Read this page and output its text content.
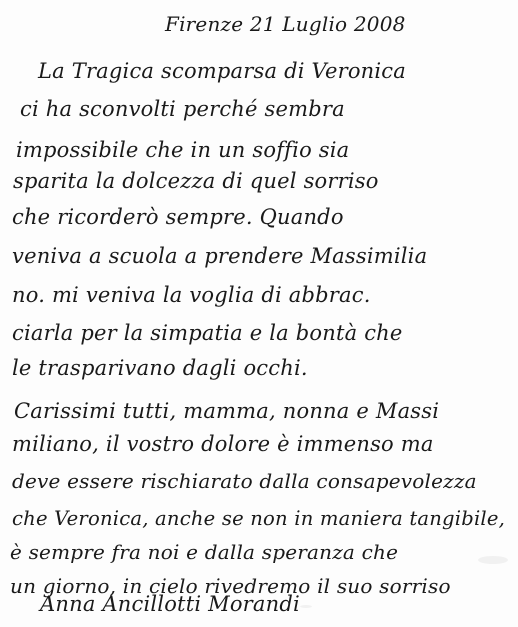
Firenze 21 Luglio 2008
La Tragica scomparsa di Veronica
ci ha sconvolti perché sembra
impossibile che in un soffio sia
sparita la dolcezza di quel sorriso
che ricorderò sempre. Quando
veniva a scuola a prendere Massimilia
no. mi veniva la voglia di abbrac.
ciarla per la simpatia e la bontà che
le trasparivano dagli occhi.
Carissimi tutti, mamma, nonna e Massi
miliano, il vostro dolore è immenso ma
deve essere rischiarato dalla consapevolezza
che Veronica, anche se non in maniera tangibile,
è sempre fra noi e dalla speranza che
un giorno, in cielo rivedremo il suo sorriso
Anna Ancillotti Morandi
